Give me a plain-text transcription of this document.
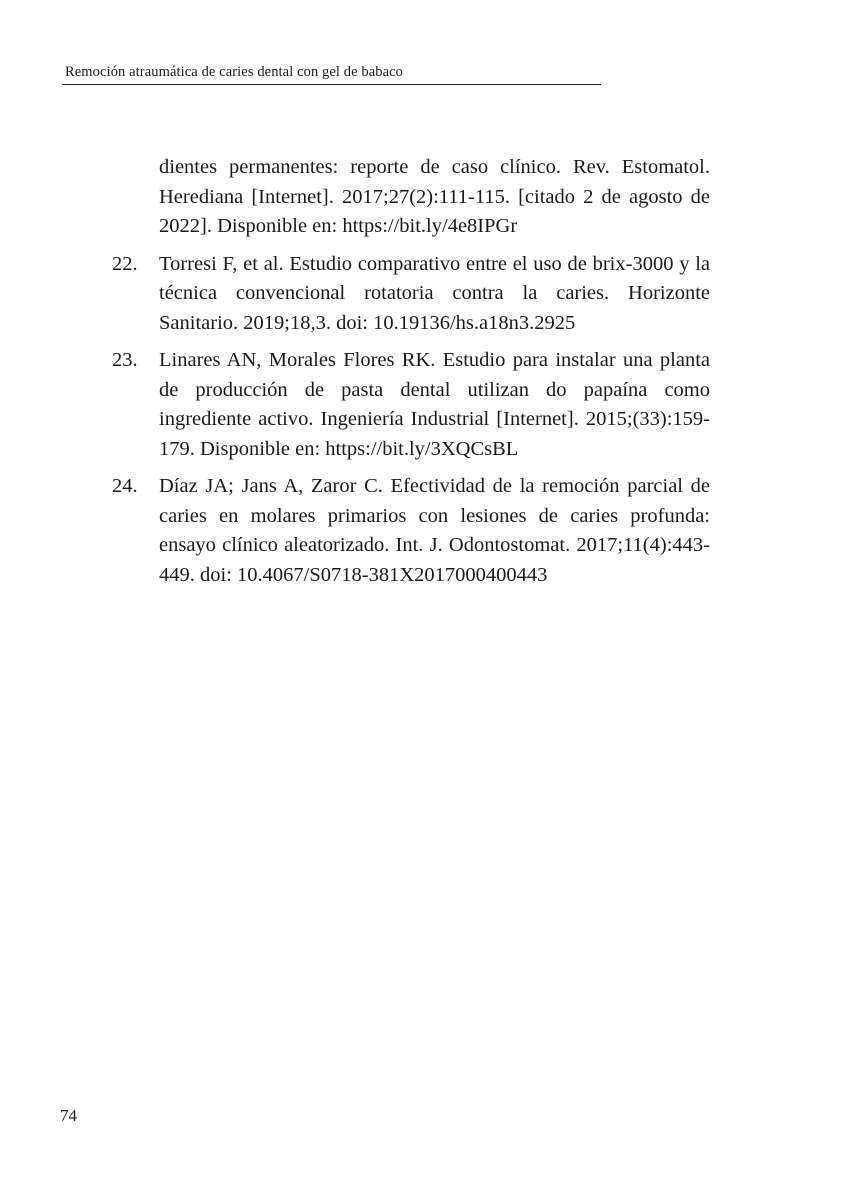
Remoción atraumática de caries dental con gel de babaco
dientes permanentes: reporte de caso clínico. Rev. Estomatol. Herediana [Internet]. 2017;27(2):111-115. [citado 2 de agosto de 2022]. Disponible en: https://bit.ly/4e8IPGr
22. Torresi F, et al. Estudio comparativo entre el uso de brix-3000 y la técnica convencional rotatoria contra la caries. Horizonte Sanitario. 2019;18,3. doi: 10.19136/hs.a18n3.2925
23. Linares AN, Morales Flores RK. Estudio para instalar una planta de producción de pasta dental utilizan do papaína como ingrediente activo. Ingeniería Industrial [Internet]. 2015;(33):159-179. Disponible en: https://bit.ly/3XQCsBL
24. Díaz JA; Jans A, Zaror C. Efectividad de la remoción parcial de caries en molares primarios con lesiones de caries profunda: ensayo clínico aleatorizado. Int. J. Odontostomat. 2017;11(4):443-449. doi: 10.4067/S0718-381X2017000400443
74
